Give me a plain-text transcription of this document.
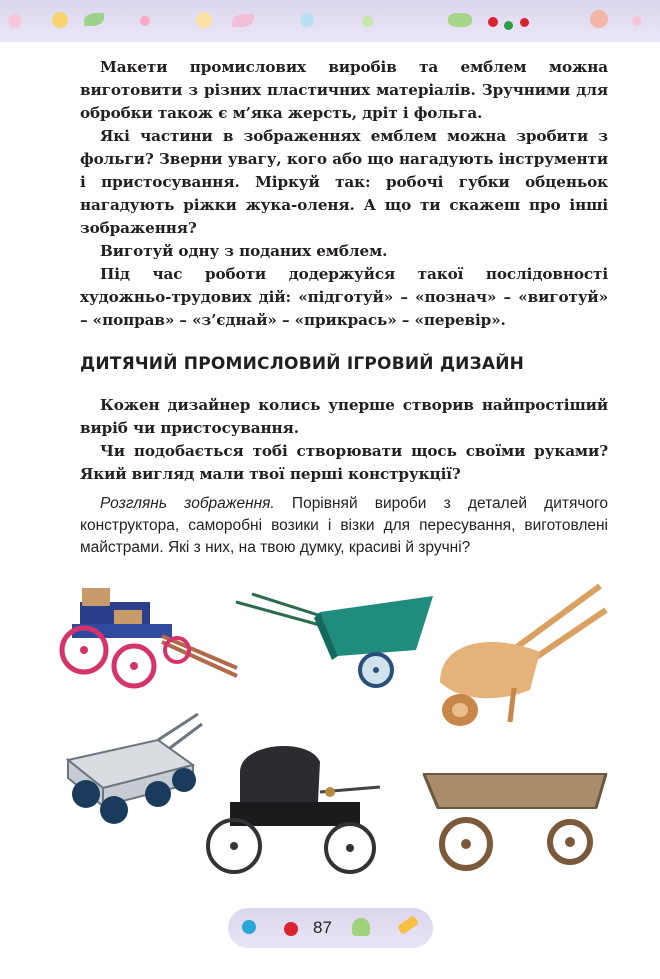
Макети промислових виробів та емблем можна виготовити з різних пластичних матеріалів. Зручними для обробки також є м’яка жерсть, дріт і фольга.

Які частини в зображеннях емблем можна зробити з фольги? Зверни увагу, кого або що нагадують інструменти і пристосування. Міркуй так: робочі губки обценьок нагадують ріжки жука-оленя. А що ти скажеш про інші зображення?

Виготуй одну з поданих емблем.

Під час роботи додержуйся такої послідовності художньо-трудових дій: «підготуй» – «познач» – «виготуй» – «поправ» – «з’єднай» – «прикрась» – «перевір».

ДИТЯЧИЙ ПРОМИСЛОВИЙ ІГРОВИЙ ДИЗАЙН

Кожен дизайнер колись уперше створив найпростіший виріб чи пристосування.

Чи подобається тобі створювати щось своїми руками? Який вигляд мали твої перші конструкції?

Розглянь зображення. Порівняй вироби з деталей дитячого конструктора, саморобні возики і візки для пересування, виготовлені майстрами. Які з них, на твою думку, красиві й зручні?

87
